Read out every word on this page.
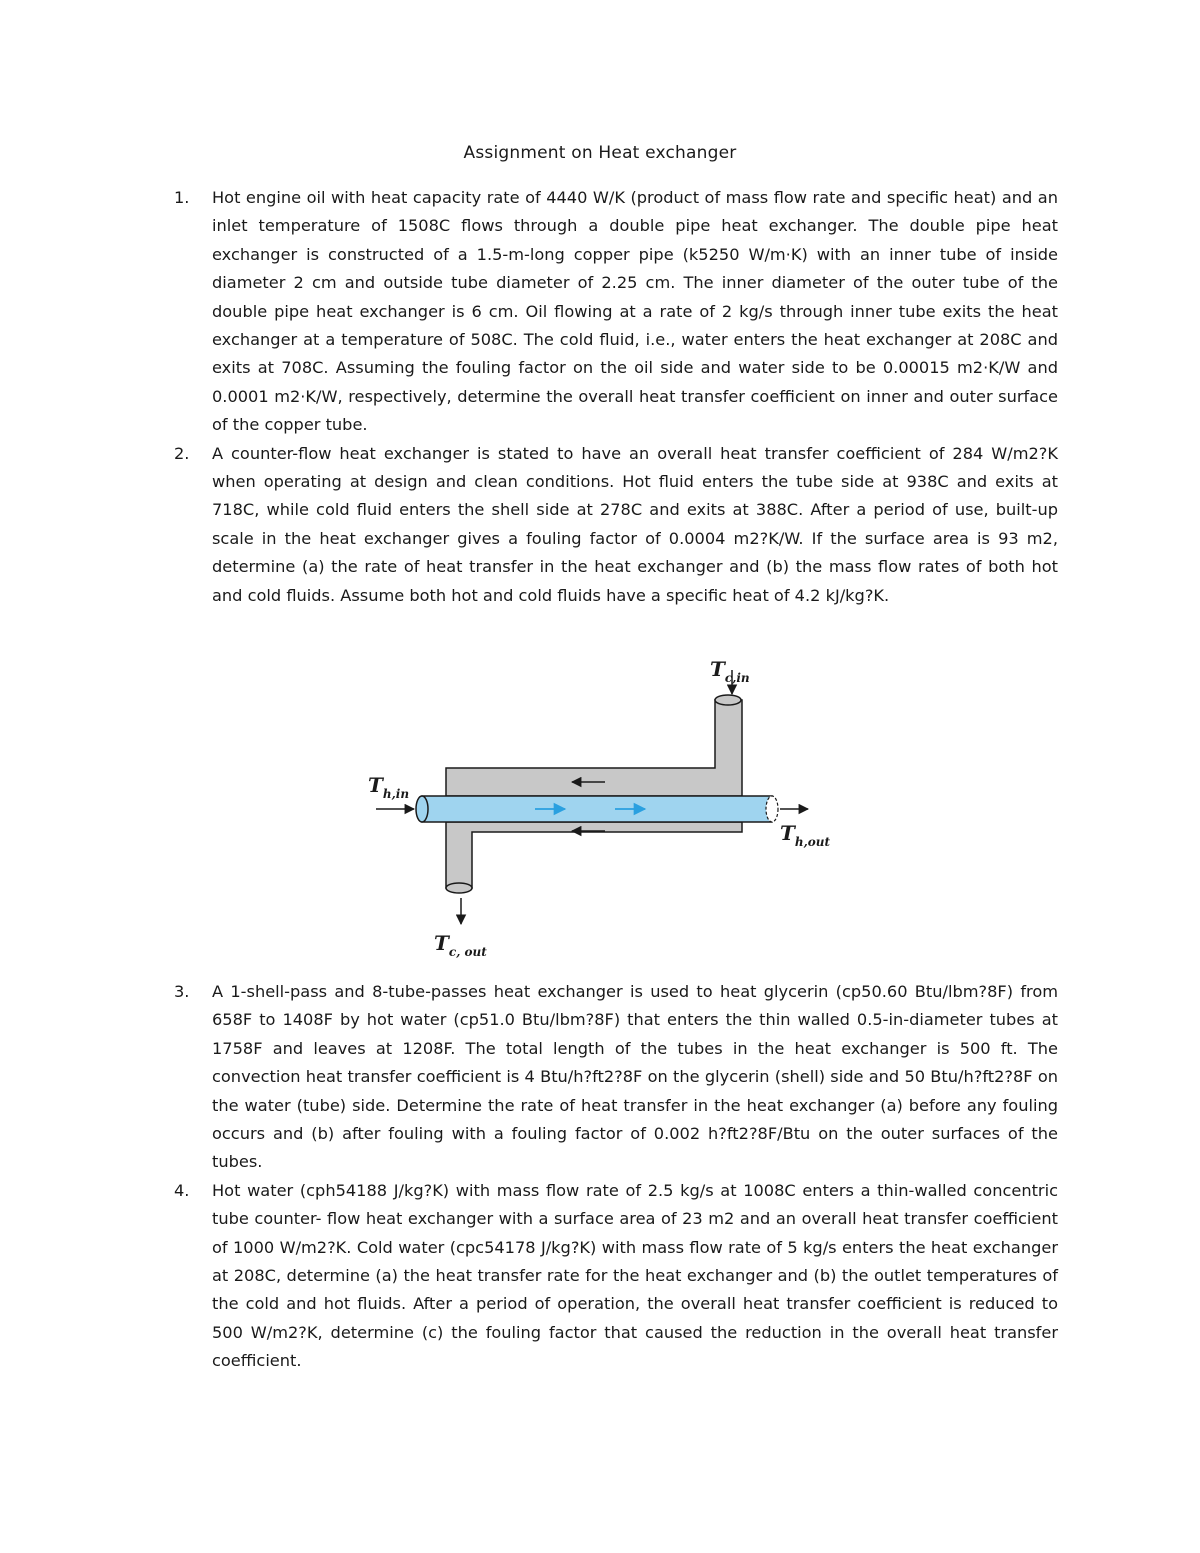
Assignment on Heat exchanger
1. Hot engine oil with heat capacity rate of 4440 W/K (product of mass flow rate and specific heat) and an inlet temperature of 1508C flows through a double pipe heat exchanger. The double pipe heat exchanger is constructed of a 1.5-m-long copper pipe (k5250 W/m·K) with an inner tube of inside diameter 2 cm and outside tube diameter of 2.25 cm. The inner diameter of the outer tube of the double pipe heat exchanger is 6 cm. Oil flowing at a rate of 2 kg/s through inner tube exits the heat exchanger at a temperature of 508C. The cold fluid, i.e., water enters the heat exchanger at 208C and exits at 708C. Assuming the fouling factor on the oil side and water side to be 0.00015 m2·K/W and 0.0001 m2·K/W, respectively, determine the overall heat transfer coefficient on inner and outer surface of the copper tube.
2. A counter-flow heat exchanger is stated to have an overall heat transfer coefficient of 284 W/m2?K when operating at design and clean conditions. Hot fluid enters the tube side at 938C and exits at 718C, while cold fluid enters the shell side at 278C and exits at 388C. After a period of use, built-up scale in the heat exchanger gives a fouling factor of 0.0004 m2?K/W. If the surface area is 93 m2, determine (a) the rate of heat transfer in the heat exchanger and (b) the mass flow rates of both hot and cold fluids. Assume both hot and cold fluids have a specific heat of 4.2 kJ/kg?K.
$T_{c,in}$
$T_{h,in}$
$T_{h,out}$
$T_{c, out}$
3. A 1-shell-pass and 8-tube-passes heat exchanger is used to heat glycerin (cp50.60 Btu/lbm?8F) from 658F to 1408F by hot water (cp51.0 Btu/lbm?8F) that enters the thin walled 0.5-in-diameter tubes at 1758F and leaves at 1208F. The total length of the tubes in the heat exchanger is 500 ft. The convection heat transfer coefficient is 4 Btu/h?ft2?8F on the glycerin (shell) side and 50 Btu/h?ft2?8F on the water (tube) side. Determine the rate of heat transfer in the heat exchanger (a) before any fouling occurs and (b) after fouling with a fouling factor of 0.002 h?ft2?8F/Btu on the outer surfaces of the tubes.
4. Hot water (cph54188 J/kg?K) with mass flow rate of 2.5 kg/s at 1008C enters a thin-walled concentric tube counter- flow heat exchanger with a surface area of 23 m2 and an overall heat transfer coefficient of 1000 W/m2?K. Cold water (cpc54178 J/kg?K) with mass flow rate of 5 kg/s enters the heat exchanger at 208C, determine (a) the heat transfer rate for the heat exchanger and (b) the outlet temperatures of the cold and hot fluids. After a period of operation, the overall heat transfer coefficient is reduced to 500 W/m2?K, determine (c) the fouling factor that caused the reduction in the overall heat transfer coefficient.
